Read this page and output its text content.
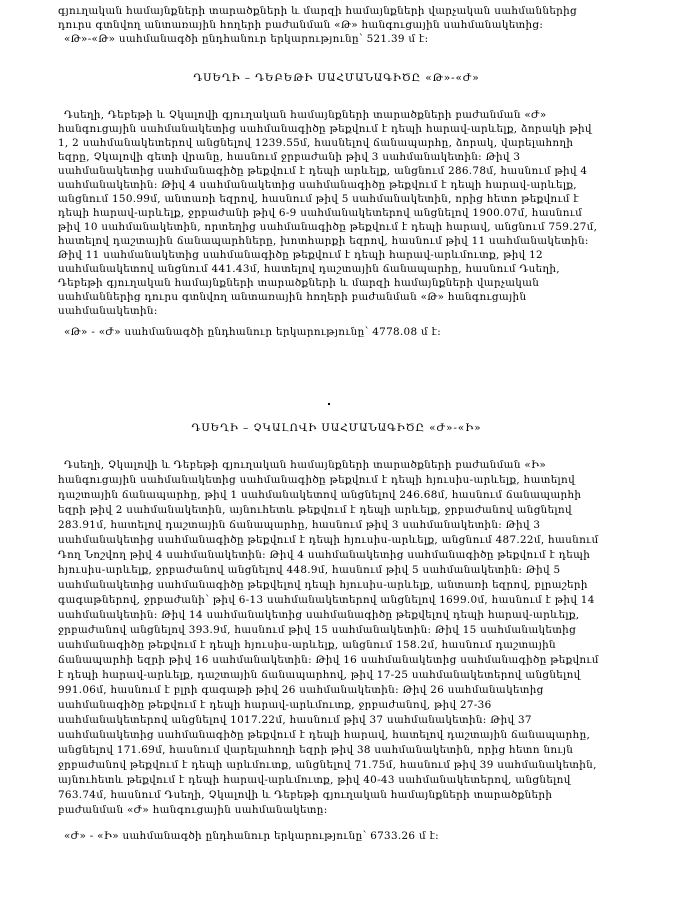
գյուղական համայնքների տարածքների և մարզի համայնքների վարչական սահմաններից
դուրս գտնվող անտառային հողերի բաժանման «Թ» հանգուցային սահմանակետից:
«Թ»-«Թ» սահմանագծի ընդհանուր երկարությունը՝ 521.39 մ է:
ԴՍԵՂԻ – ԴԵԲԵԹԻ ՍԱՀՄԱՆԱԳԻԾԸ «Թ»-«Ժ»
Դսեղի, Դեբեթի և Չկալովի գյուղական համայնքների տարածքների բաժանման «Ժ»
հանգուցային սահմանակետից սահմանագիծը թեքվում է դեպի հարավ-արևելք, ձորակի թիվ
1, 2 սահմանակետերով անցնելով 1239.55մ, հասնելով ճանապարհը, ձորակ, վարելահողի
եզրը, Չկալովի գետի վրանը, հասնում ջրբաժանի թիվ 3 սահմանակետին: Թիվ 3
սահմանակետից սահմանագիծը թեքվում է դեպի արևելք, անցնում 286.78մ, հասնում թիվ 4
սահմանակետին: Թիվ 4 սահմանակետից սահմանագիծը թեքվում է դեպի հարավ-արևելք,
անցնում 150.99մ, անտառի եզրով, հասնում թիվ 5 սահմանակետին, որից հետո թեքվում է
դեպի հարավ-արևելք, ջրբաժանի թիվ 6-9 սահմանակետերով անցնելով 1900.07մ, հասնում
թիվ 10 սահմանակետին, որտեղից սահմանագիծը թեքվում է դեպի հարավ, անցնում 759.27մ,
հատելով դաշտային ճանապարհները, խոտհարքի եզրով, հասնում թիվ 11 սահմանակետին:
Թիվ 11 սահմանակետից սահմանագիծը թեքվում է դեպի հարավ-արևմուտք, թիվ 12
սահմանակետով անցնում 441.43մ, հատելով դաշտային ճանապարհը, հասնում Դսեղի,
Դեբեթի գյուղական համայնքների տարածքների և մարզի համայնքների վարչական
սահմաններից դուրս գտնվող անտառային հողերի բաժանման «Թ» հանգուցային
սահմանակետին:
«Թ» - «Ժ» սահմանագծի ընդհանուր երկարությունը՝ 4778.08 մ է:
ԴՍԵՂԻ – ՉԿԱԼՈՎԻ ՍԱՀՄԱՆԱԳԻԾԸ «Ժ»-«Ի»
Դսեղի, Չկալովի և Դեբեթի գյուղական համայնքների տարածքների բաժանման «Ի»
հանգուցային սահմանակետից սահմանագիծը թեքվում է դեպի հյուսիս-արևելք, հատելով
դաշտային ճանապարհը, թիվ 1 սահմանակետով անցնելով 246.68մ, հասնում ճանապարհի
եզրի թիվ 2 սահմանակետին, այնուհետև թեքվում է դեպի արևելք, ջրբաժանով անցնելով
283.91մ, հատելով դաշտային ճանապարհը, հասնում թիվ 3 սահմանակետին: Թիվ 3
սահմանակետից սահմանագիծը թեքվում է դեպի հյուսիս-արևելք, անցնում 487.22մ, հասնում
Դող Նոշվող թիվ 4 սահմանակետին: Թիվ 4 սահմանակետից սահմանագիծը թեքվում է դեպի
հյուսիս-արևելք, ջրբաժանով անցնելով 448.9մ, հասնում թիվ 5 սահմանակետին: Թիվ 5
սահմանակետից սահմանագիծը թեքվելով դեպի հյուսիս-արևելք, անտառի եզրով, բլրաշերի
գագաթներով, ջրբաժանի՝ թիվ 6-13 սահմանակետերով անցնելով 1699.0մ, հասնում է թիվ 14
սահմանակետին: Թիվ 14 սահմանակետից սահմանագիծը թեքվելով դեպի հարավ-արևելք,
ջրբաժանով անցնելով 393.9մ, հասնում թիվ 15 սահմանակետին: Թիվ 15 սահմանակետից
սահմանագիծը թեքվում է դեպի հյուսիս-արևելք, անցնում 158.2մ, հասնում դաշտային
ճանապարհի եզրի թիվ 16 սահմանակետին: Թիվ 16 սահմանակետից սահմանագիծը թեքվում
է դեպի հարավ-արևելք, դաշտային ճանապարհով, թիվ 17-25 սահմանակետերով անցնելով
991.06մ, հասնում է բլրի գագաթի թիվ 26 սահմանակետին: Թիվ 26 սահմանակետից
սահմանագիծը թեքվում է դեպի հարավ-արևմուտք, ջրբաժանով, թիվ 27-36
սահմանակետերով անցնելով 1017.22մ, հասնում թիվ 37 սահմանակետին: Թիվ 37
սահմանակետից սահմանագիծը թեքվում է դեպի հարավ, հատելով դաշտային ճանապարհը,
անցնելով 171.69մ, հասնում վարելահողի եզրի թիվ 38 սահմանակետին, որից հետո նույն
ջրբաժանով թեքվում է դեպի արևմուտք, անցնելով 71.75մ, հասնում թիվ 39 սահմանակետին,
այնուհետև թեքվում է դեպի հարավ-արևմուտք, թիվ 40-43 սահմանակետերով, անցնելով
763.74մ, հասնում Դսեղի, Չկալովի և Դեբեթի գյուղական համայնքների տարածքների
բաժանման «Ժ» հանգուցային սահմանակետը:
«Ժ» - «Ի» սահմանագծի ընդհանուր երկարությունը՝ 6733.26 մ է:
